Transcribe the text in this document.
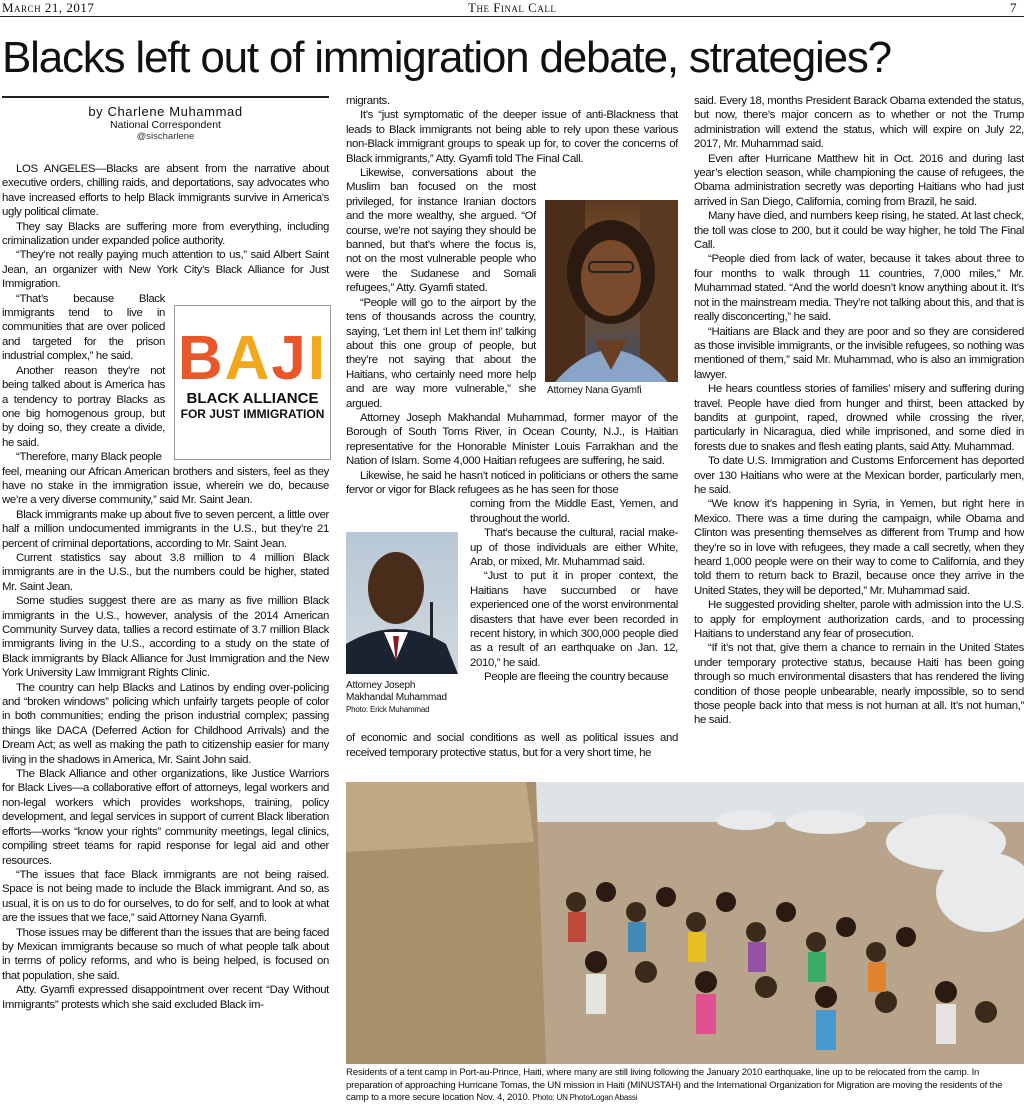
March 21, 2017	The Final Call	7
Blacks left out of immigration debate, strategies?
by Charlene Muhammad
National Correspondent
@sischarlene

LOS ANGELES—Blacks are absent from the narrative about executive orders, chilling raids, and deportations, say advocates who have increased efforts to help Black immigrants survive in America's ugly political climate.

They say Blacks are suffering more from everything, including criminalization under expanded police authority.

“They’re not really paying much attention to us,” said Albert Saint Jean, an organizer with New York City’s Black Alliance for Just Immigration.

“That’s because Black immigrants tend to live in communities that are over policed and targeted for the prison industrial complex,” he said.

Another reason they’re not being talked about is America has a tendency to portray Blacks as one big homogenous group, but by doing so, they create a divide, he said.

“Therefore, many Black people

feel, meaning our African American brothers and sisters, feel as they have no stake in the immigration issue, wherein we do, because we’re a very diverse community,” said Mr. Saint Jean.

Black immigrants make up about five to seven percent, a little over half a million undocumented immigrants in the U.S., but they’re 21 percent of criminal deportations, according to Mr. Saint Jean.

Current statistics say about 3.8 million to 4 million Black immigrants are in the U.S., but the numbers could be higher, stated Mr. Saint Jean.

Some studies suggest there are as many as five million Black immigrants in the U.S., however, analysis of the 2014 American Community Survey data, tallies a record estimate of 3.7 million Black immigrants living in the U.S., according to a study on the state of Black immigrants by Black Alliance for Just Immigration and the New York University Law Immigrant Rights Clinic.

The country can help Blacks and Latinos by ending over-policing and “broken windows” policing which unfairly targets people of color in both communities; ending the prison industrial complex; passing things like DACA (Deferred Action for Childhood Arrivals) and the Dream Act; as well as making the path to citizenship easier for many living in the shadows in America, Mr. Saint John said.

The Black Alliance and other organizations, like Justice Warriors for Black Lives—a collaborative effort of attorneys, legal workers and non-legal workers which provides workshops, training, policy development, and legal services in support of current Black liberation efforts—works “know your rights” community meetings, legal clinics, compiling street teams for rapid response for legal aid and other resources.

“The issues that face Black immigrants are not being raised. Space is not being made to include the Black immigrant. And so, as usual, it is on us to do for ourselves, to do for self, and to look at what are the issues that we face,” said Attorney Nana Gyamfi.

Those issues may be different than the issues that are being faced by Mexican immigrants because so much of what people talk about in terms of policy reforms, and who is being helped, is focused on that population, she said.

Atty. Gyamfi expressed disappointment over recent “Day Without Immigrants” protests which she said excluded Black im-

BAJI
BLACK ALLIANCE
FOR JUST IMMIGRATION

migrants.

It’s “just symptomatic of the deeper issue of anti-Blackness that leads to Black immigrants not being able to rely upon these various non-Black immigrant groups to speak up for, to cover the concerns of Black immigrants,” Atty. Gyamfi told The Final Call.

Likewise, conversations about the Muslim ban focused on the most privileged, for instance Iranian doctors and the more wealthy, she argued. “Of course, we’re not saying they should be banned, but that’s where the focus is, not on the most vulnerable people who were the Sudanese and Somali refugees,” Atty. Gyamfi stated.

“People will go to the airport by the tens of thousands across the country, saying, ‘Let them in! Let them in!’ talking about this one group of people, but they’re not saying that about the Haitians, who certainly need more help and are way more vulnerable,” she argued.

Attorney Joseph Makhandal Muhammad, former mayor of the Borough of South Toms River, in Ocean County, N.J., is Haitian representative for the Honorable Minister Louis Farrakhan and the Nation of Islam. Some 4,000 Haitian refugees are suffering, he said.

Likewise, he said he hasn’t noticed in politicians or others the same fervor or vigor for Black refugees as he has seen for those

coming from the Middle East, Yemen, and throughout the world.

That’s because the cultural, racial make-up of those individuals are either White, Arab, or mixed, Mr. Muhammad said.

“Just to put it in proper context, the Haitians have succumbed or have experienced one of the worst environmental disasters that have ever been recorded in recent history, in which 300,000 people died as a result of an earthquake on Jan. 12, 2010,” he said.

People are fleeing the country because

of economic and social conditions as well as political issues and received temporary protective status, but for a very short time, he

Attorney Nana Gyamfi
Attorney Joseph
Makhandal Muhammad
Photo: Erick Muhammad

said. Every 18, months President Barack Obama extended the status, but now, there’s major concern as to whether or not the Trump administration will extend the status, which will expire on July 22, 2017, Mr. Muhammad said.

Even after Hurricane Matthew hit in Oct. 2016 and during last year’s election season, while championing the cause of refugees, the Obama administration secretly was deporting Haitians who had just arrived in San Diego, California, coming from Brazil, he said.

Many have died, and numbers keep rising, he stated. At last check, the toll was close to 200, but it could be way higher, he told The Final Call.

“People died from lack of water, because it takes about three to four months to walk through 11 countries, 7,000 miles,” Mr. Muhammad stated. “And the world doesn’t know anything about it. It’s not in the mainstream media. They’re not talking about this, and that is really disconcerting,” he said.

“Haitians are Black and they are poor and so they are considered as those invisible immigrants, or the invisible refugees, so nothing was mentioned of them,” said Mr. Muhammad, who is also an immigration lawyer.

He hears countless stories of families’ misery and suffering during travel. People have died from hunger and thirst, been attacked by bandits at gunpoint, raped, drowned while crossing the river, particularly in Nicaragua, died while imprisoned, and some died in forests due to snakes and flesh eating plants, said Atty. Muhammad.

To date U.S. Immigration and Customs Enforcement has deported over 130 Haitians who were at the Mexican border, particularly men, he said.

“We know it’s happening in Syria, in Yemen, but right here in Mexico. There was a time during the campaign, while Obama and Clinton was presenting themselves as different from Trump and how they’re so in love with refugees, they made a call secretly, when they heard 1,000 people were on their way to come to California, and they told them to return back to Brazil, because once they arrive in the United States, they will be deported,” Mr. Muhammad said.

He suggested providing shelter, parole with admission into the U.S. to apply for employment authorization cards, and to processing Haitians to understand any fear of prosecution.

“If it’s not that, give them a chance to remain in the United States under temporary protective status, because Haiti has been going through so much environmental disasters that has rendered the living condition of those people unbearable, nearly impossible, so to send those people back into that mess is not human at all. It’s not human,” he said.

Residents of a tent camp in Port-au-Prince, Haiti, where many are still living following the January 2010 earthquake, line up to be relocated from the camp. In preparation of approaching Hurricane Tomas, the UN mission in Haiti (MINUSTAH) and the International Organization for Migration are moving the residents of the camp to a more secure location Nov. 4, 2010. Photo: UN Photo/Logan Abassi
